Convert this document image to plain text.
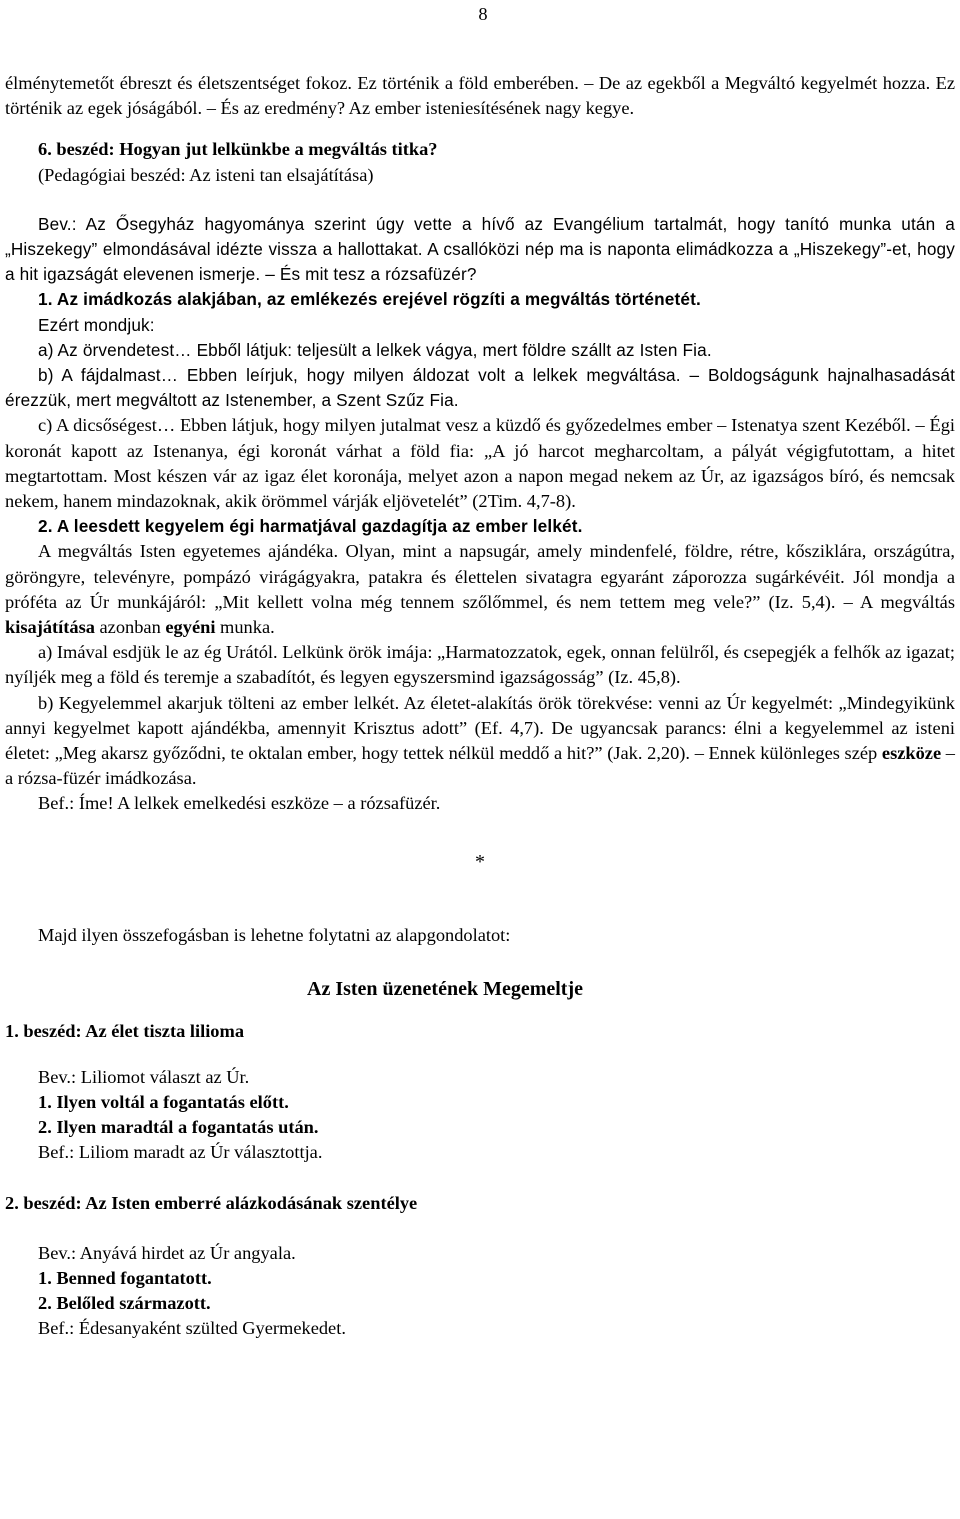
8

élménytemetőt ébreszt és életszentséget fokoz. Ez történik a föld emberében. – De az egekből a Megváltó kegyelmét hozza. Ez történik az egek jóságából. – És az eredmény? Az ember isteniesítésének nagy kegye.

6. beszéd: Hogyan jut lelkünkbe a megváltás titka?

(Pedagógiai beszéd: Az isteni tan elsajátítása)

Bev.: Az Ősegyház hagyománya szerint úgy vette a hívő az Evangélium tartalmát, hogy tanító munka után a „Hiszekegy” elmondásával idézte vissza a hallottakat. A csallóközi nép ma is naponta elimádkozza a „Hiszekegy”-et, hogy a hit igazságát elevenen ismerje. – És mit tesz a rózsafüzér?

1. Az imádkozás alakjában, az emlékezés erejével rögzíti a megváltás történetét.

Ezért mondjuk:

a) Az örvendetest… Ebből látjuk: teljesült a lelkek vágya, mert földre szállt az Isten Fia.

b) A fájdalmast… Ebben leírjuk, hogy milyen áldozat volt a lelkek megváltása. – Boldogságunk hajnalhasadását érezzük, mert megváltott az Istenember, a Szent Szűz Fia.

c) A dicsőségest… Ebben látjuk, hogy milyen jutalmat vesz a küzdő és győzedelmes ember – Istenatya szent Kezéből. – Égi koronát kapott az Istenanya, égi koronát várhat a föld fia: „A jó harcot megharcoltam, a pályát végigfutottam, a hitet megtartottam. Most készen vár az igaz élet koronája, melyet azon a napon megad nekem az Úr, az igazságos bíró, és nemcsak nekem, hanem mindazoknak, akik örömmel várják eljövetelét” (2Tim. 4,7-8).

2. A leesdett kegyelem égi harmatjával gazdagítja az ember lelkét.

A megváltás Isten egyetemes ajándéka. Olyan, mint a napsugár, amely mindenfelé, földre, rétre, kősziklára, országútra, göröngyre, televényre, pompázó virágágyakra, patakra és élettelen sivatagra egyaránt záporozza sugárkévéit. Jól mondja a próféta az Úr munkájáról: „Mit kellett volna még tennem szőlőmmel, és nem tettem meg vele?” (Iz. 5,4). – A megváltás kisajátítása azonban egyéni munka.

a) Imával esdjük le az ég Urától. Lelkünk örök imája: „Harmatozzatok, egek, onnan felülről, és csepegjék a felhők az igazat; nyíljék meg a föld és teremje a szabadítót, és legyen egyszersmind igazságosság” (Iz. 45,8).

b) Kegyelemmel akarjuk tölteni az ember lelkét. Az életet-alakítás örök törekvése: venni az Úr kegyelmét: „Mindegyikünk annyi kegyelmet kapott ajándékba, amennyit Krisztus adott” (Ef. 4,7). De ugyancsak parancs: élni a kegyelemmel az isteni életet: „Meg akarsz győződni, te oktalan ember, hogy tettek nélkül meddő a hit?” (Jak. 2,20). – Ennek különleges szép eszköze – a rózsa-füzér imádkozása.

Bef.: Íme! A lelkek emelkedési eszköze – a rózsafüzér.

*

Majd ilyen összefogásban is lehetne folytatni az alapgondolatot:

Az Isten üzenetének Megemeltje

1. beszéd: Az élet tiszta lilioma

Bev.: Liliomot választ az Úr.

1. Ilyen voltál a fogantatás előtt.

2. Ilyen maradtál a fogantatás után.

Bef.: Liliom maradt az Úr választottja.

2. beszéd: Az Isten emberré alázkodásának szentélye

Bev.: Anyává hirdet az Úr angyala.

1. Benned fogantatott.

2. Belőled származott.

Bef.: Édesanyaként szülted Gyermekedet.
